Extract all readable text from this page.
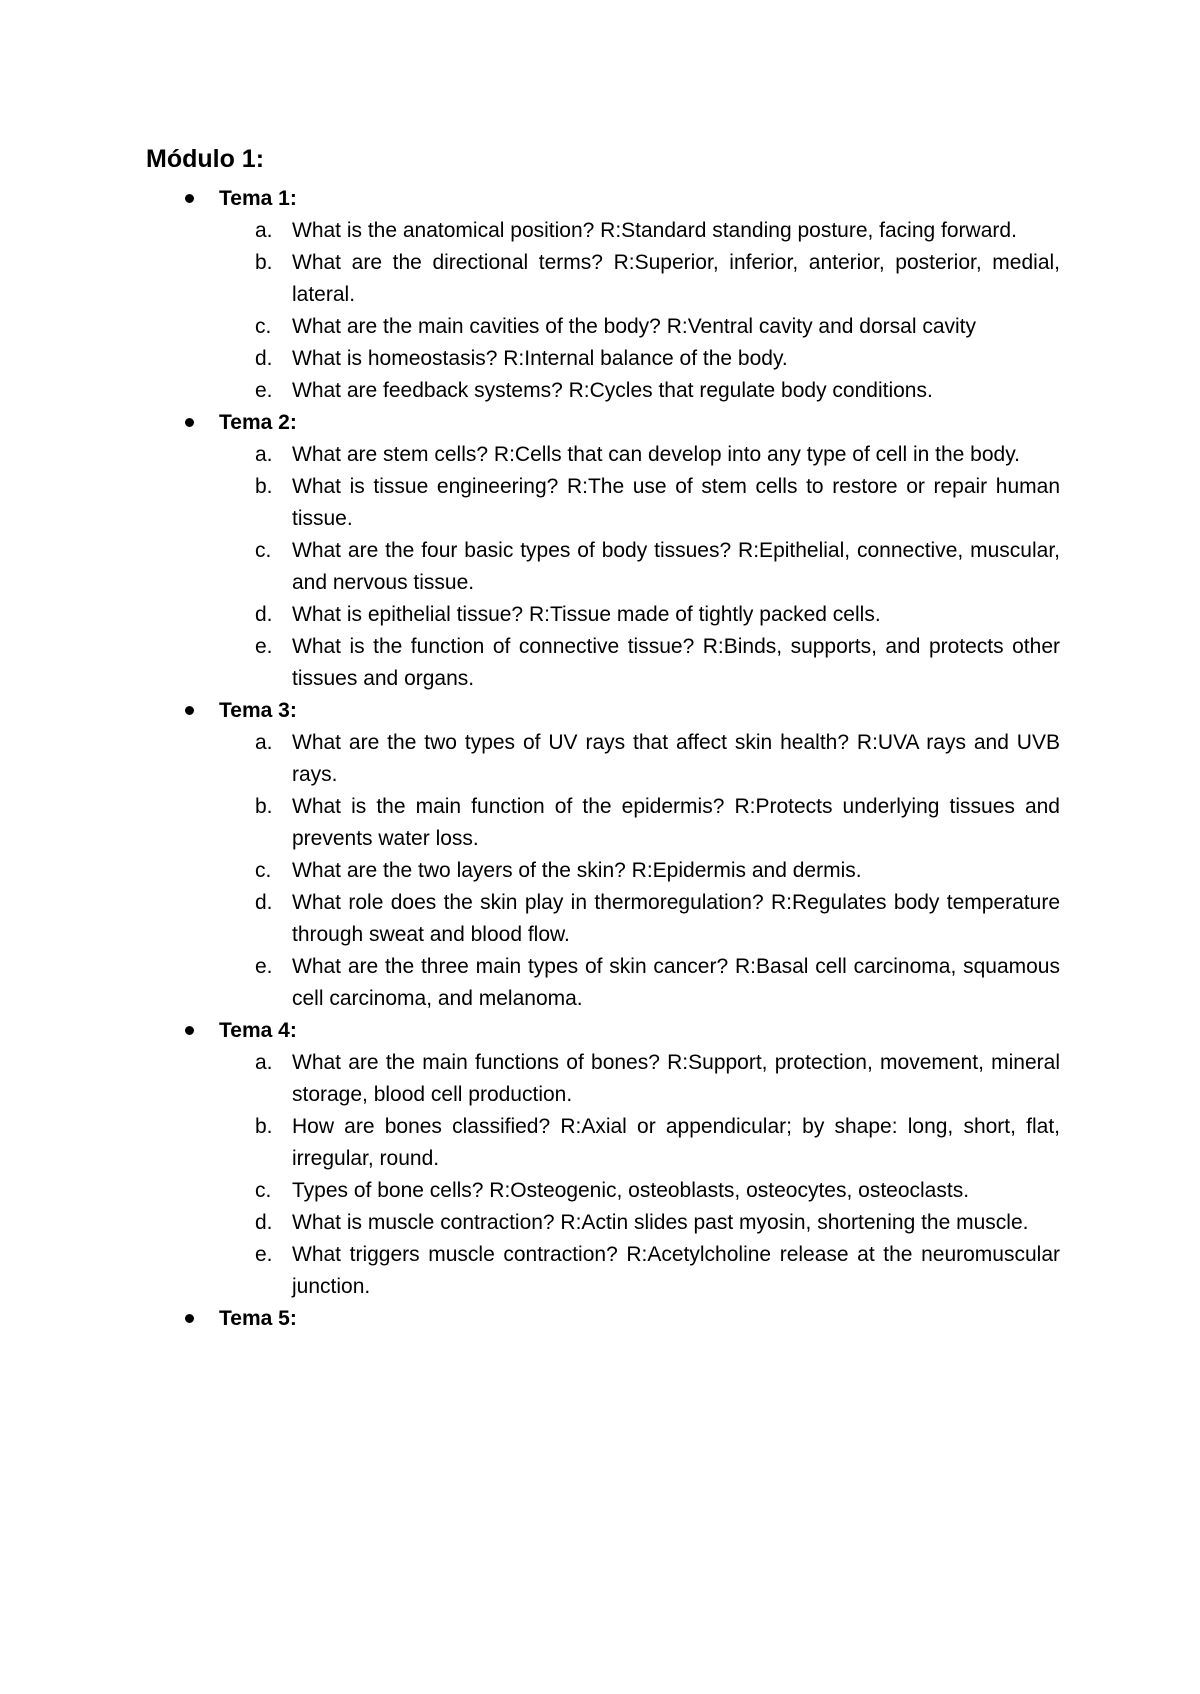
Módulo 1:
Tema 1:
a. What is the anatomical position? R:Standard standing posture, facing forward.
b. What are the directional terms? R:Superior, inferior, anterior, posterior, medial, lateral.
c. What are the main cavities of the body? R:Ventral cavity and dorsal cavity
d. What is homeostasis? R:Internal balance of the body.
e. What are feedback systems? R:Cycles that regulate body conditions.
Tema 2:
a. What are stem cells? R:Cells that can develop into any type of cell in the body.
b. What is tissue engineering? R:The use of stem cells to restore or repair human tissue.
c. What are the four basic types of body tissues? R:Epithelial, connective, muscular, and nervous tissue.
d. What is epithelial tissue? R:Tissue made of tightly packed cells.
e. What is the function of connective tissue? R:Binds, supports, and protects other tissues and organs.
Tema 3:
a. What are the two types of UV rays that affect skin health? R:UVA rays and UVB rays.
b. What is the main function of the epidermis? R:Protects underlying tissues and prevents water loss.
c. What are the two layers of the skin? R:Epidermis and dermis.
d. What role does the skin play in thermoregulation? R:Regulates body temperature through sweat and blood flow.
e. What are the three main types of skin cancer? R:Basal cell carcinoma, squamous cell carcinoma, and melanoma.
Tema 4:
a. What are the main functions of bones? R:Support, protection, movement, mineral storage, blood cell production.
b. How are bones classified? R:Axial or appendicular; by shape: long, short, flat, irregular, round.
c. Types of bone cells? R:Osteogenic, osteoblasts, osteocytes, osteoclasts.
d. What is muscle contraction? R:Actin slides past myosin, shortening the muscle.
e. What triggers muscle contraction? R:Acetylcholine release at the neuromuscular junction.
Tema 5:
